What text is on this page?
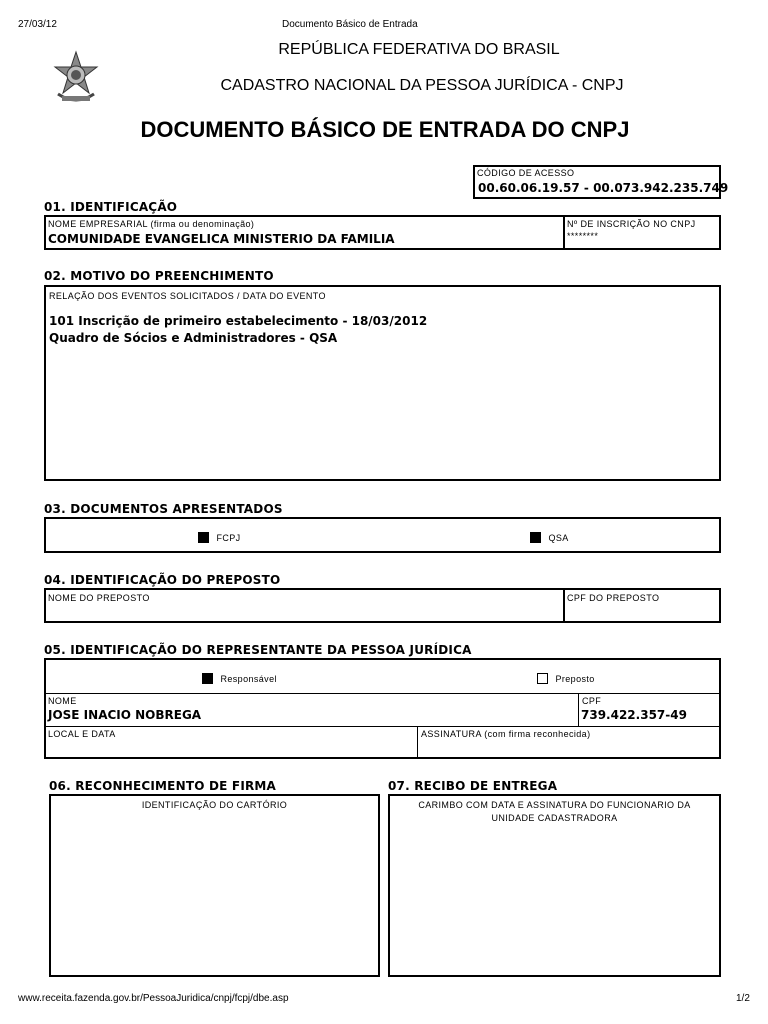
27/03/12	Documento Básico de Entrada
REPÚBLICA FEDERATIVA DO BRASIL
CADASTRO NACIONAL DA PESSOA JURÍDICA - CNPJ
DOCUMENTO BÁSICO DE ENTRADA DO CNPJ
CÓDIGO DE ACESSO
00.60.06.19.57 - 00.073.942.235.749
01. IDENTIFICAÇÃO
NOME EMPRESARIAL (firma ou denominação)
COMUNIDADE EVANGELICA MINISTERIO DA FAMILIA
Nº DE INSCRIÇÃO NO CNPJ
********
02. MOTIVO DO PREENCHIMENTO
RELAÇÃO DOS EVENTOS SOLICITADOS / DATA DO EVENTO
101 Inscrição de primeiro estabelecimento - 18/03/2012
Quadro de Sócios e Administradores - QSA
03. DOCUMENTOS APRESENTADOS
FCPJ	QSA
04. IDENTIFICAÇÃO DO PREPOSTO
NOME DO PREPOSTO	CPF DO PREPOSTO
05. IDENTIFICAÇÃO DO REPRESENTANTE DA PESSOA JURÍDICA
Responsável	Preposto
NOME
JOSE INACIO NOBREGA
CPF
739.422.357-49
LOCAL E DATA	ASSINATURA (com firma reconhecida)
06. RECONHECIMENTO DE FIRMA
IDENTIFICAÇÃO DO CARTÓRIO
07. RECIBO DE ENTREGA
CARIMBO COM DATA E ASSINATURA DO FUNCIONARIO DA
UNIDADE CADASTRADORA
www.receita.fazenda.gov.br/PessoaJuridica/cnpj/fcpj/dbe.asp	1/2
